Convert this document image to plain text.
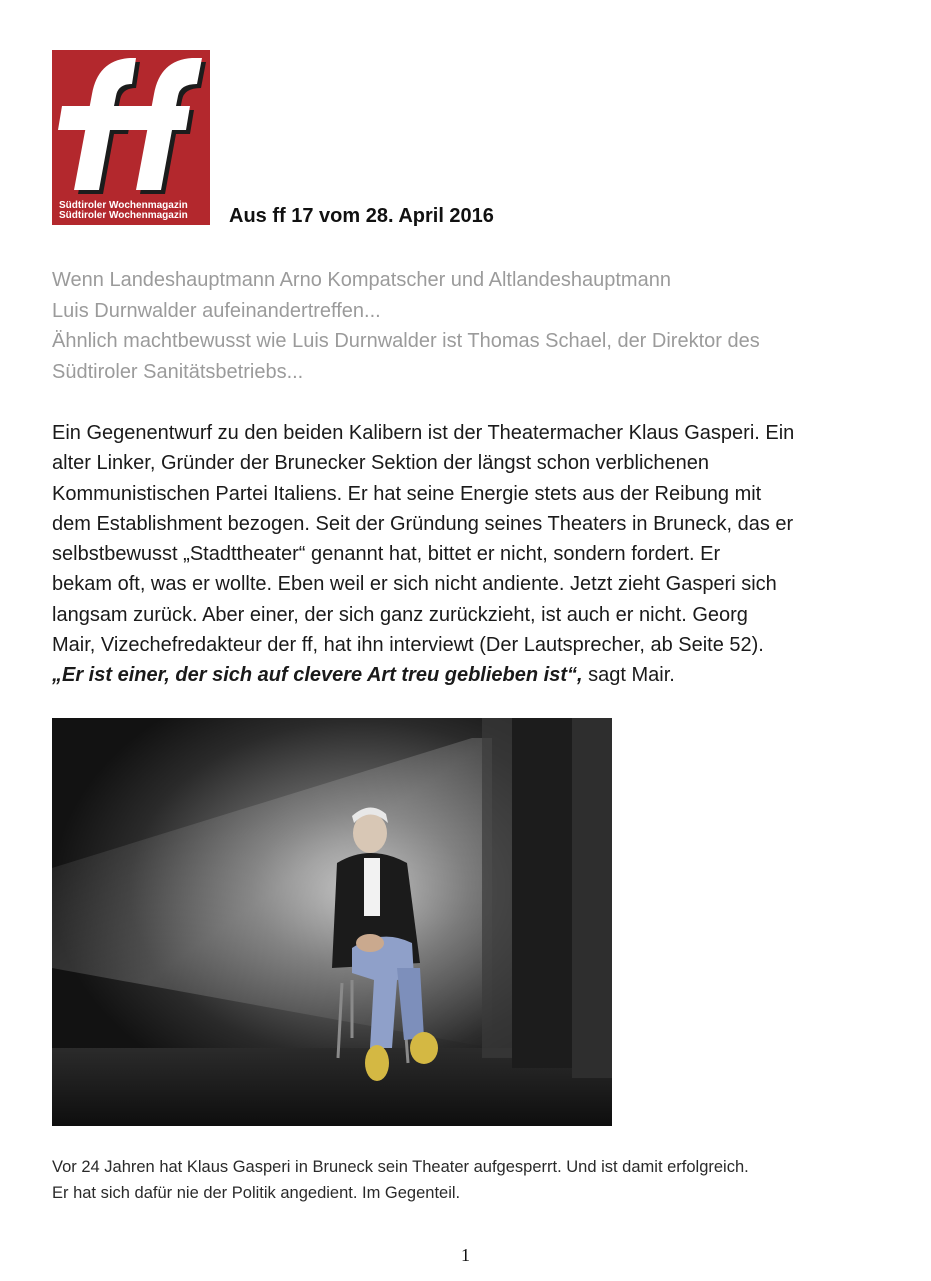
Südtiroler Wochenmagazin
Südtiroler Wochenmagazin	Aus ff 17 vom 28. April 2016
Wenn Landeshauptmann Arno Kompatscher und Altlandeshauptmann
Luis Durnwalder aufeinandertreffen...
Ähnlich machtbewusst wie Luis Durnwalder ist Thomas Schael, der Direktor des
Südtiroler Sanitätsbetriebs...
Ein Gegenentwurf zu den beiden Kalibern ist der Theatermacher Klaus Gasperi. Ein
alter Linker, Gründer der Brunecker Sektion der längst schon verblichenen
Kommunistischen Partei Italiens. Er hat seine Energie stets aus der Reibung mit
dem Establishment bezogen. Seit der Gründung seines Theaters in Bruneck, das er
selbstbewusst „Stadttheater“ genannt hat, bittet er nicht, sondern fordert. Er
bekam oft, was er wollte. Eben weil er sich nicht andiente. Jetzt zieht Gasperi sich
langsam zurück. Aber einer, der sich ganz zurückzieht, ist auch er nicht. Georg
Mair, Vizechefredakteur der ff, hat ihn interviewt (Der Lautsprecher, ab Seite 52).
„Er ist einer, der sich auf clevere Art treu geblieben ist“, sagt Mair.
Vor 24 Jahren hat Klaus Gasperi in Bruneck sein Theater aufgesperrt. Und ist damit erfolgreich.
Er hat sich dafür nie der Politik angedient. Im Gegenteil.
1
